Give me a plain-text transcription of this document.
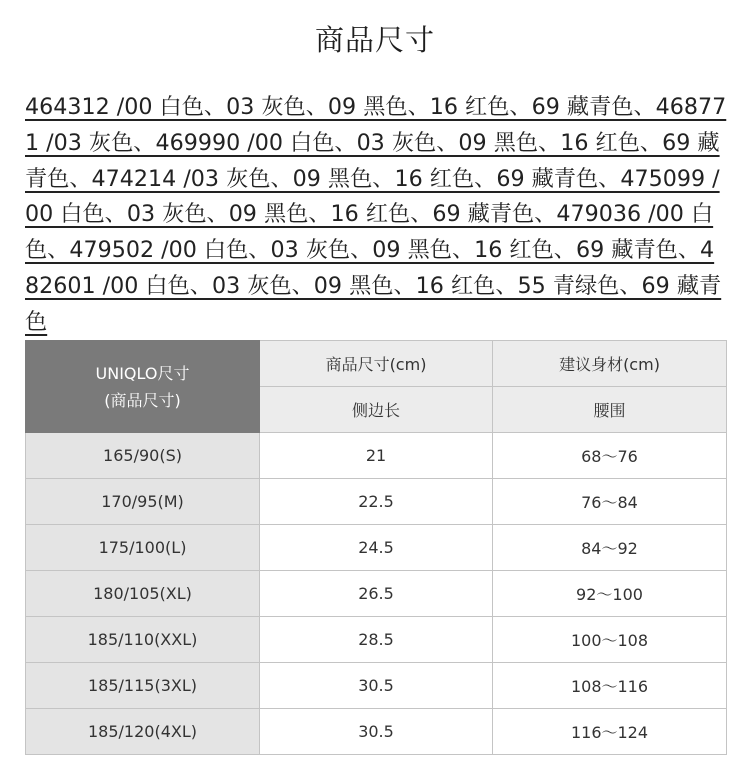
商品尺寸
464312 /00 白色、03 灰色、09 黑色、16 红色、69 藏青色、468771 /03 灰色、469990 /00 白色、03 灰色、09 黑色、16 红色、69 藏青色、474214 /03 灰色、09 黑色、16 红色、69 藏青色、475099 /00 白色、03 灰色、09 黑色、16 红色、69 藏青色、479036 /00 白色、479502 /00 白色、03 灰色、09 黑色、16 红色、69 藏青色、482601 /00 白色、03 灰色、09 黑色、16 红色、55 青绿色、69 藏青色
UNIQLO尺寸
(商品尺寸)	商品尺寸(cm)	建议身材(cm)
	侧边长	腰围
165/90(S)	21	68～76
170/95(M)	22.5	76～84
175/100(L)	24.5	84～92
180/105(XL)	26.5	92～100
185/110(XXL)	28.5	100～108
185/115(3XL)	30.5	108～116
185/120(4XL)	30.5	116～124
